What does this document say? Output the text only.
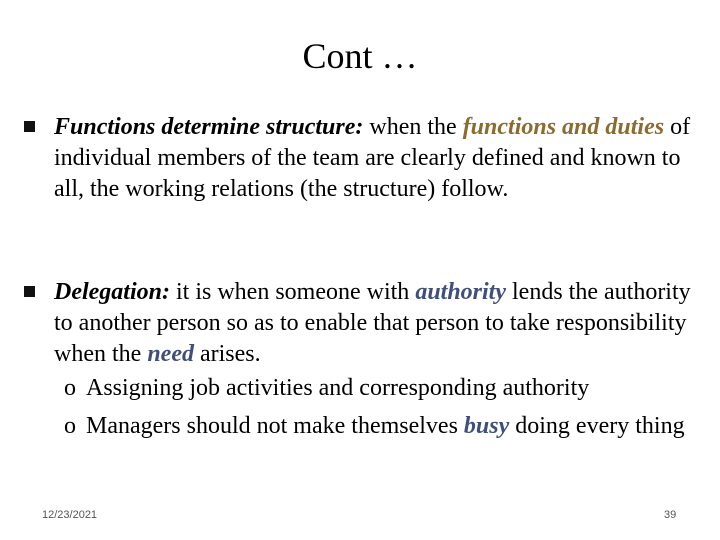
Cont …
Functions determine structure: when the functions and duties of individual members of the team are clearly defined and known to all, the working relations (the structure) follow.
Delegation: it is when someone with authority lends the authority to another person so as to enable that person to take responsibility when the need arises.
o Assigning job activities and corresponding authority
o Managers should not make themselves busy doing every thing
12/23/2021	39
